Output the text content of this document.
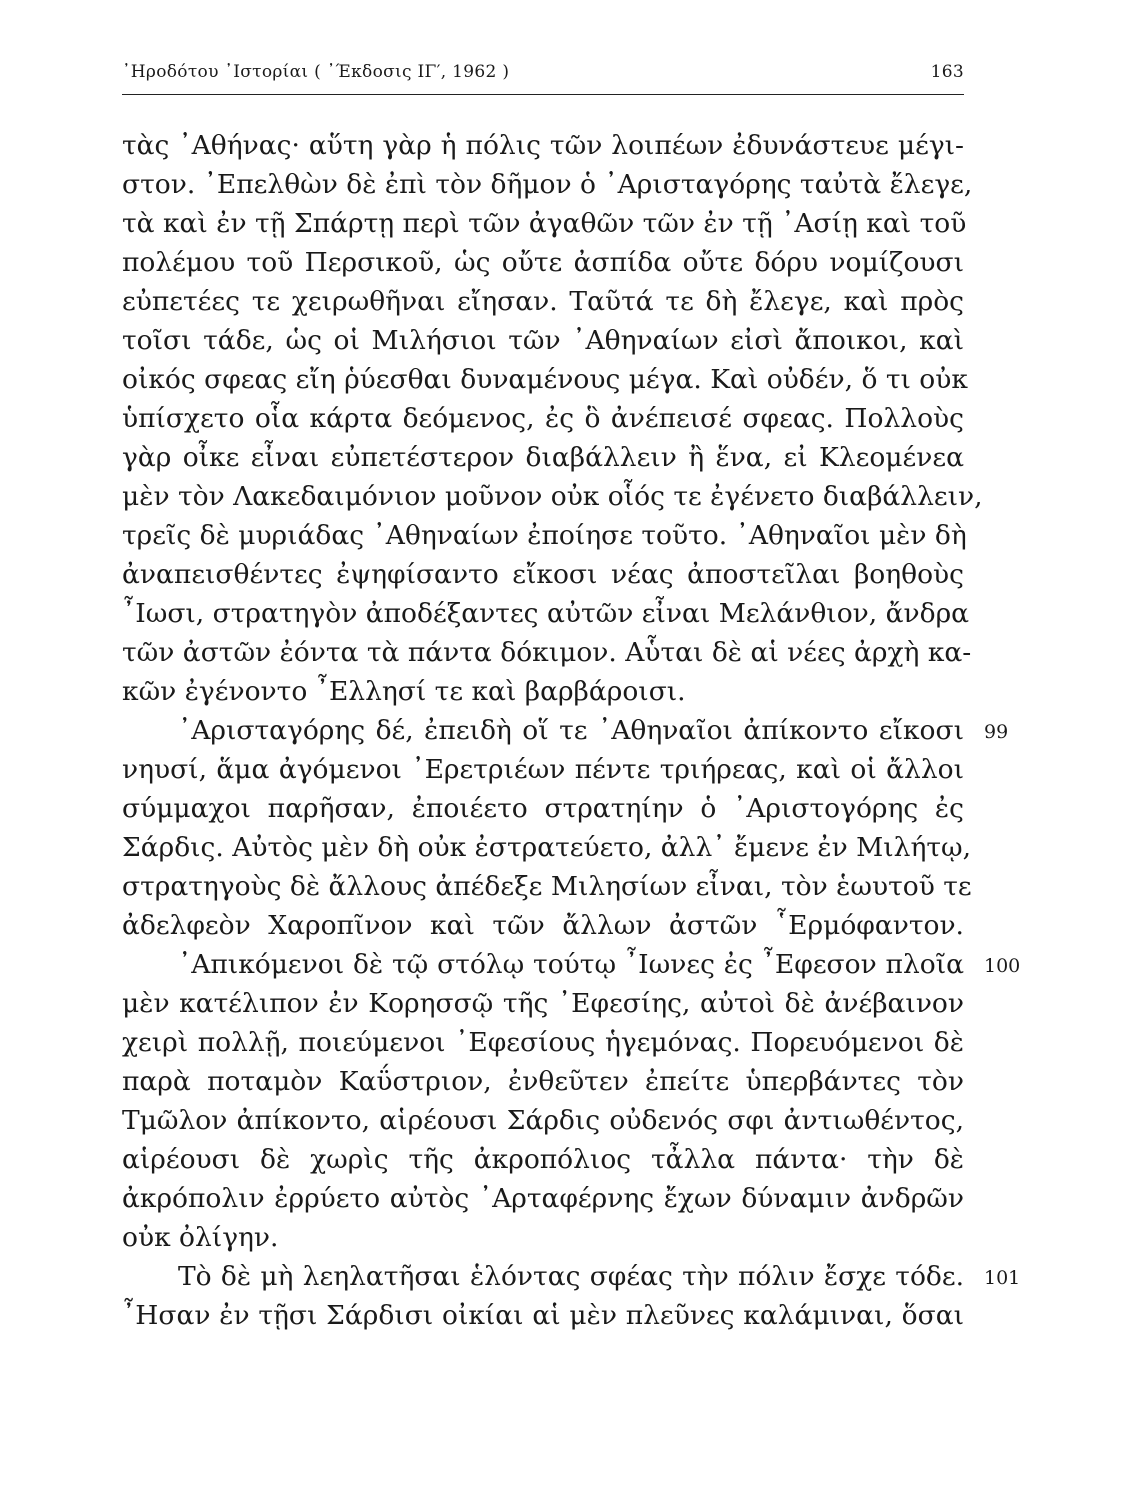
᾿Ηροδότου ᾿Ιστορίαι ( ᾿Έκδοσις ΙΓ′, 1962 )	163
τὰς ᾿Αθήνας· αὕτη γὰρ ἡ πόλις τῶν λοιπέων ἐδυνάστευε μέγι-
στον. ᾿Επελθὼν δὲ ἐπὶ τὸν δῆμον ὁ ᾿Αρισταγόρης ταὐτὰ ἔλεγε,
τὰ καὶ ἐν τῇ Σπάρτῃ περὶ τῶν ἀγαθῶν τῶν ἐν τῇ ᾿Ασίῃ καὶ τοῦ
πολέμου τοῦ Περσικοῦ, ὡς οὔτε ἀσπίδα οὔτε δόρυ νομίζουσι
εὐπετέες τε χειρωθῆναι εἴησαν. Ταῦτά τε δὴ ἔλεγε, καὶ πρὸς
τοῖσι τάδε, ὡς οἱ Μιλήσιοι τῶν ᾿Αθηναίων εἰσὶ ἄποικοι, καὶ
οἰκός σφεας εἴη ῥύεσθαι δυναμένους μέγα. Καὶ οὐδέν, ὅ τι οὐκ
ὑπίσχετο οἷα κάρτα δεόμενος, ἐς ὃ ἀνέπεισέ σφεας. Πολλοὺς
γὰρ οἶκε εἶναι εὐπετέστερον διαβάλλειν ἢ ἕνα, εἰ Κλεομένεα
μὲν τὸν Λακεδαιμόνιον μοῦνον οὐκ οἷός τε ἐγένετο διαβάλλειν,
τρεῖς δὲ μυριάδας ᾿Αθηναίων ἐποίησε τοῦτο. ᾿Αθηναῖοι μὲν δὴ
ἀναπεισθέντες ἐψηφίσαντο εἴκοσι νέας ἀποστεῖλαι βοηθοὺς
῏Ιωσι, στρατηγὸν ἀποδέξαντες αὐτῶν εἶναι Μελάνθιον, ἄνδρα
τῶν ἀστῶν ἐόντα τὰ πάντα δόκιμον. Αὗται δὲ αἱ νέες ἀρχὴ κα-
κῶν ἐγένοντο ῏Ελλησί τε καὶ βαρβάροισι.
᾿Αρισταγόρης δέ, ἐπειδὴ οἵ τε ᾿Αθηναῖοι ἀπίκοντο εἴκοσι 99
νηυσί, ἅμα ἀγόμενοι ᾿Ερετριέων πέντε τριήρεας, καὶ οἱ ἄλλοι
σύμμαχοι παρῆσαν, ἐποιέετο στρατηίην ὁ ᾿Αριστογόρης ἐς
Σάρδις. Αὐτὸς μὲν δὴ οὐκ ἐστρατεύετο, ἀλλ᾿ ἔμενε ἐν Μιλήτῳ,
στρατηγοὺς δὲ ἄλλους ἀπέδεξε Μιλησίων εἶναι, τὸν ἑωυτοῦ τε
ἀδελφεὸν Χαροπῖνον καὶ τῶν ἄλλων ἀστῶν ῟Ερμόφαντον.
᾿Απικόμενοι δὲ τῷ στόλῳ τούτῳ ῏Ιωνες ἐς ῏Εφεσον πλοῖα 100
μὲν κατέλιπον ἐν Κορησσῷ τῆς ᾿Εφεσίης, αὐτοὶ δὲ ἀνέβαινον
χειρὶ πολλῇ, ποιεύμενοι ᾿Εφεσίους ἡγεμόνας. Πορευόμενοι δὲ
παρὰ ποταμὸν Καΰστριον, ἐνθεῦτεν ἐπείτε ὑπερβάντες τὸν
Τμῶλον ἀπίκοντο, αἱρέουσι Σάρδις οὐδενός σφι ἀντιωθέντος,
αἱρέουσι δὲ χωρὶς τῆς ἀκροπόλιος τἆλλα πάντα· τὴν δὲ
ἀκρόπολιν ἐρρύετο αὐτὸς ᾿Αρταφέρνης ἔχων δύναμιν ἀνδρῶν
οὐκ ὀλίγην.
Τὸ δὲ μὴ λεηλατῆσαι ἑλόντας σφέας τὴν πόλιν ἔσχε τόδε. 101
῏Ησαν ἐν τῇσι Σάρδισι οἰκίαι αἱ μὲν πλεῦνες καλάμιναι, ὅσαι
